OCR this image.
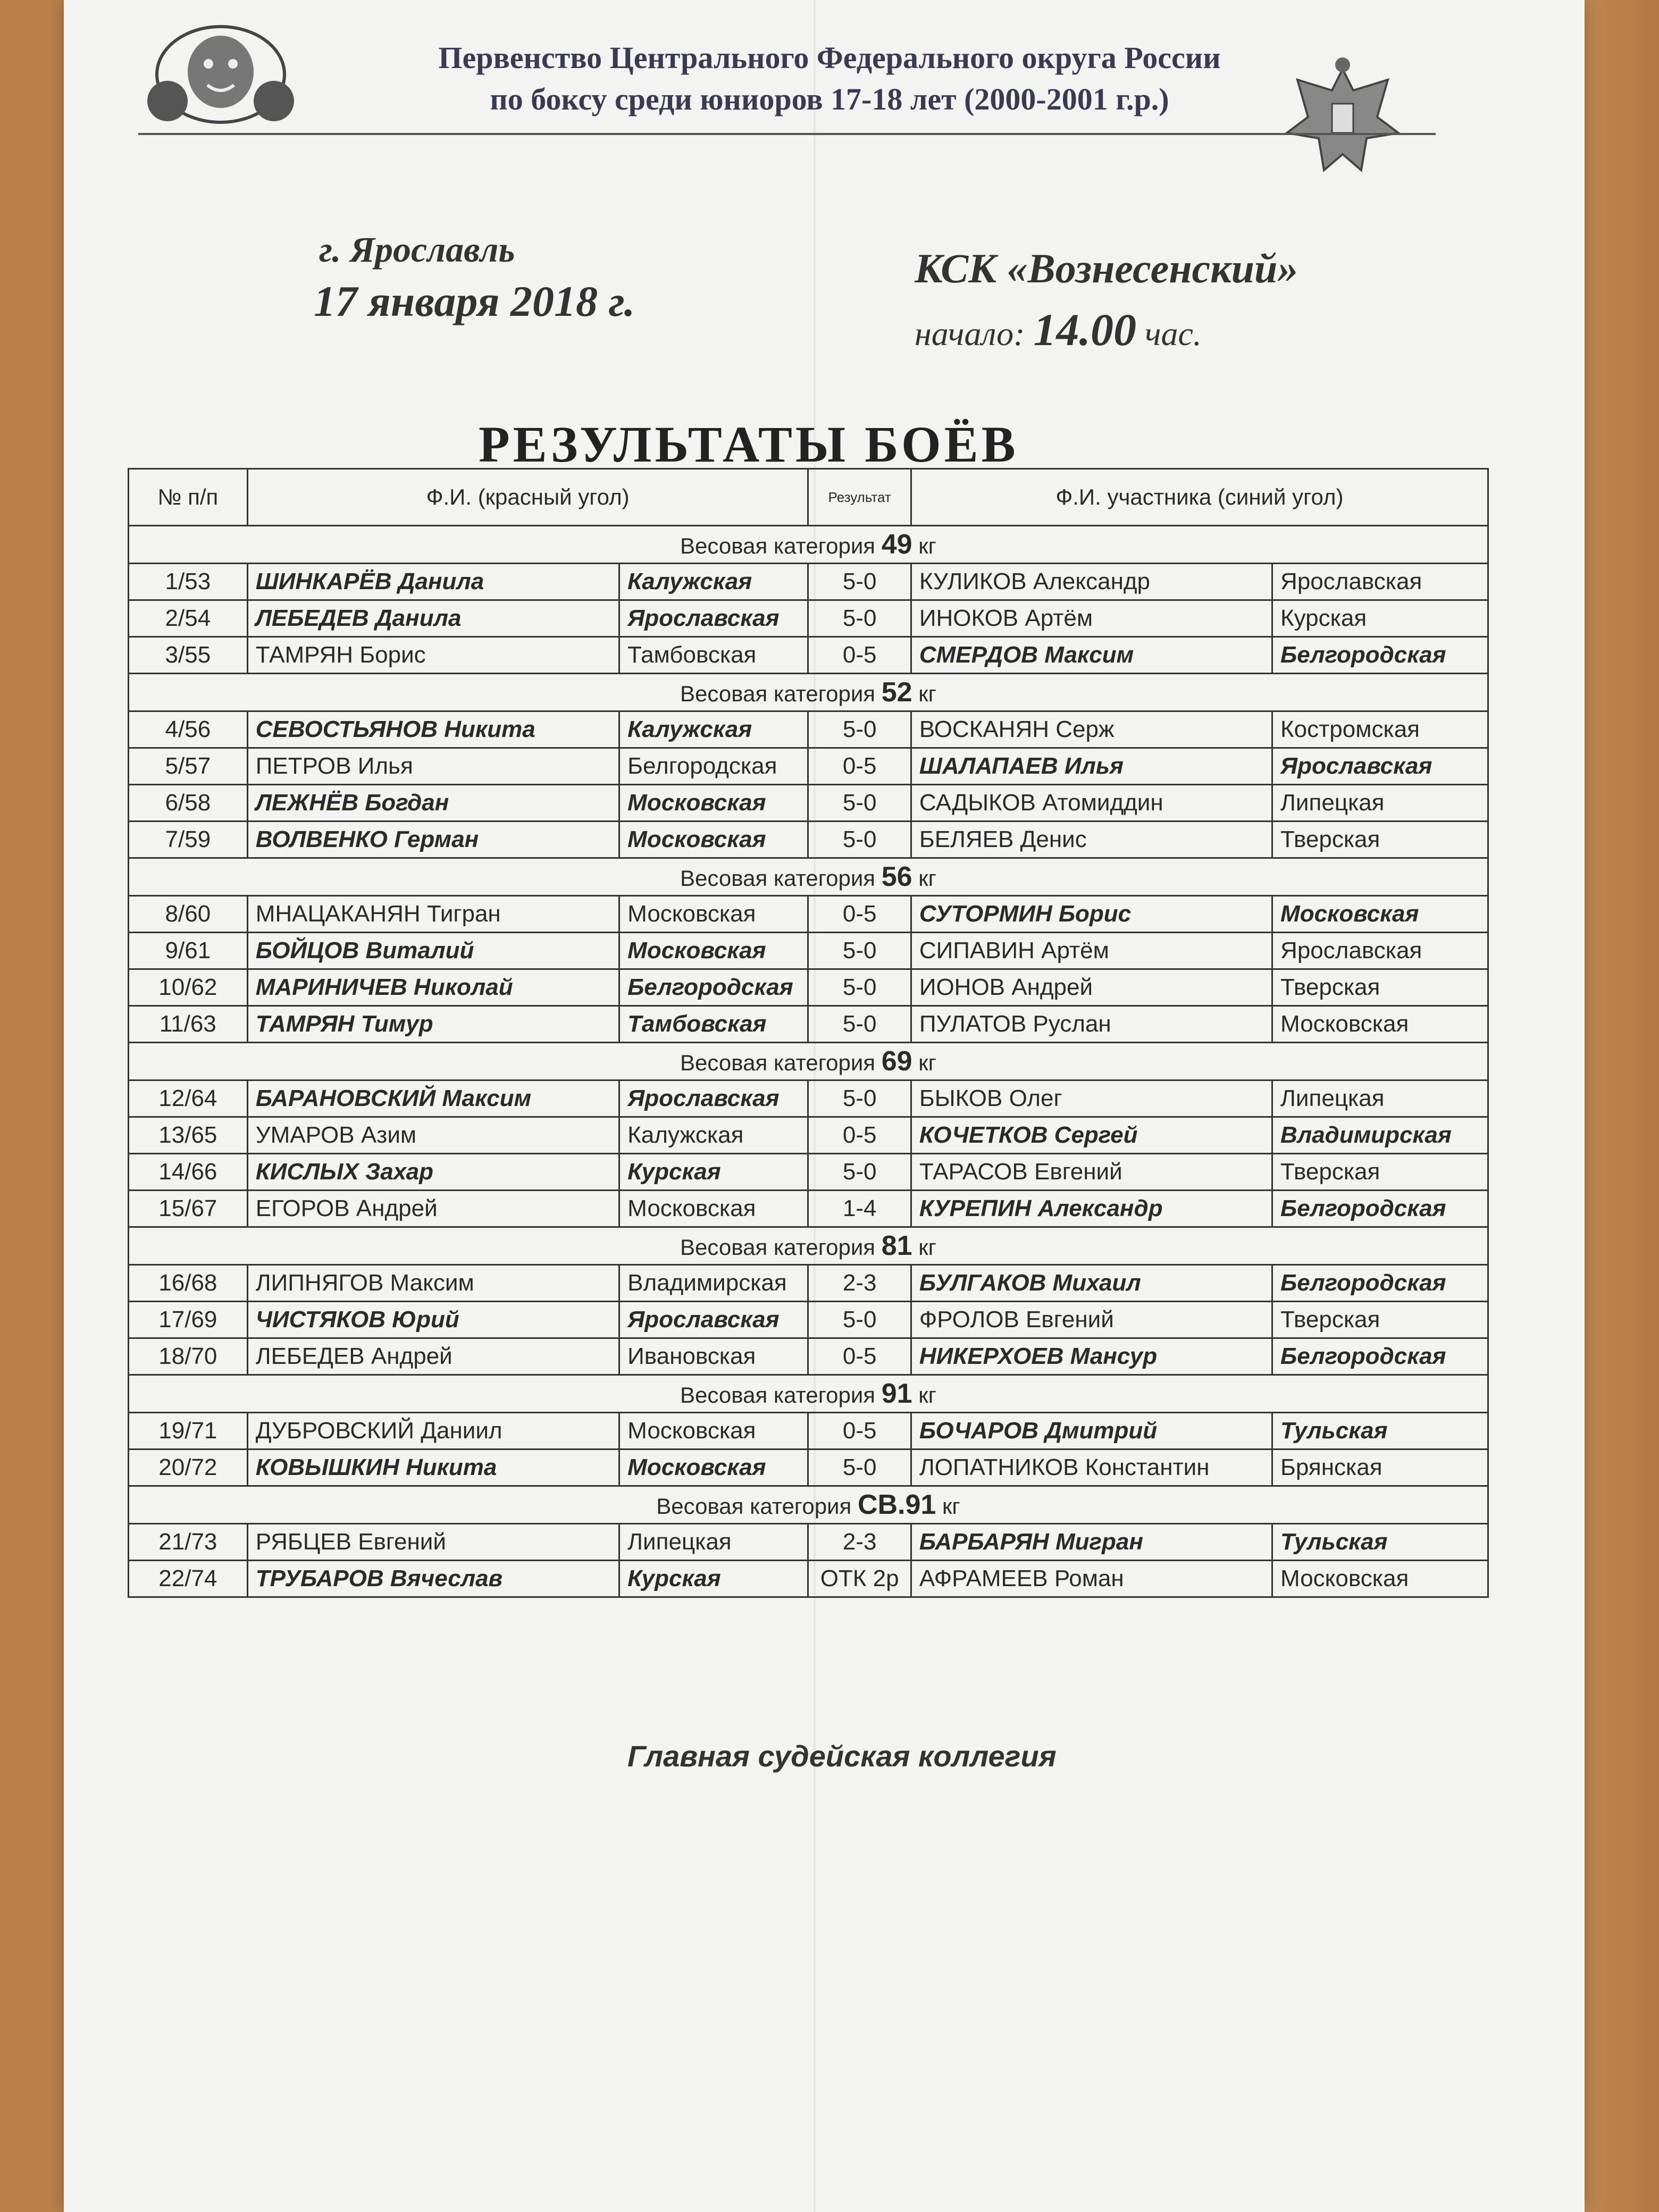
Первенство Центрального Федерального округа России
по боксу среди юниоров 17-18 лет (2000-2001 г.р.)
г. Ярославль
17 января 2018 г.
КСК «Вознесенский»
начало: 14.00 час.
РЕЗУЛЬТАТЫ БОЁВ
№ п/п	Ф.И. (красный угол)		Результат	Ф.И. участника (синий угол)	
Весовая категория 49 кг					
1/53	ШИНКАРЁВ Данила	Калужская	5-0	КУЛИКОВ Александр	Ярославская
2/54	ЛЕБЕДЕВ Данила	Ярославская	5-0	ИНОКОВ Артём	Курская
3/55	ТАМРЯН Борис	Тамбовская	0-5	СМЕРДОВ Максим	Белгородская
Весовая категория 52 кг					
4/56	СЕВОСТЬЯНОВ Никита	Калужская	5-0	ВОСКАНЯН Серж	Костромская
5/57	ПЕТРОВ Илья	Белгородская	0-5	ШАЛАПАЕВ Илья	Ярославская
6/58	ЛЕЖНЁВ Богдан	Московская	5-0	САДЫКОВ Атомиддин	Липецкая
7/59	ВОЛВЕНКО Герман	Московская	5-0	БЕЛЯЕВ Денис	Тверская
Весовая категория 56 кг					
8/60	МНАЦАКАНЯН Тигран	Московская	0-5	СУТОРМИН Борис	Московская
9/61	БОЙЦОВ Виталий	Московская	5-0	СИПАВИН Артём	Ярославская
10/62	МАРИНИЧЕВ Николай	Белгородская	5-0	ИОНОВ Андрей	Тверская
11/63	ТАМРЯН Тимур	Тамбовская	5-0	ПУЛАТОВ Руслан	Московская
Весовая категория 69 кг					
12/64	БАРАНОВСКИЙ Максим	Ярославская	5-0	БЫКОВ Олег	Липецкая
13/65	УМАРОВ Азим	Калужская	0-5	КОЧЕТКОВ Сергей	Владимирская
14/66	КИСЛЫХ Захар	Курская	5-0	ТАРАСОВ Евгений	Тверская
15/67	ЕГОРОВ Андрей	Московская	1-4	КУРЕПИН Александр	Белгородская
Весовая категория 81 кг					
16/68	ЛИПНЯГОВ Максим	Владимирская	2-3	БУЛГАКОВ Михаил	Белгородская
17/69	ЧИСТЯКОВ Юрий	Ярославская	5-0	ФРОЛОВ Евгений	Тверская
18/70	ЛЕБЕДЕВ Андрей	Ивановская	0-5	НИКЕРХОЕВ Мансур	Белгородская
Весовая категория 91 кг					
19/71	ДУБРОВСКИЙ Даниил	Московская	0-5	БОЧАРОВ Дмитрий	Тульская
20/72	КОВЫШКИН Никита	Московская	5-0	ЛОПАТНИКОВ Константин	Брянская
Весовая категория СВ.91 кг					
21/73	РЯБЦЕВ Евгений	Липецкая	2-3	БАРБАРЯН Мигран	Тульская
22/74	ТРУБАРОВ Вячеслав	Курская	ОТК 2р	АФРАМЕЕВ Роман	Московская
Главная судейская коллегия
